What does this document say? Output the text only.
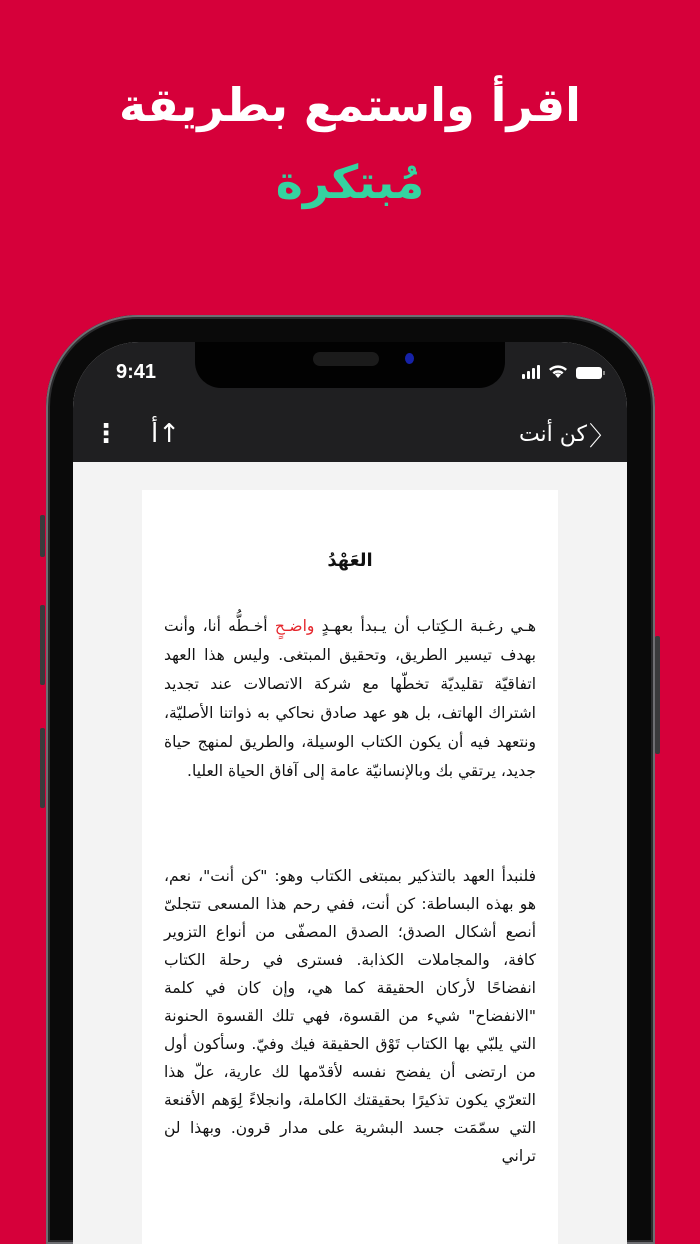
اقرأ واستمع بطريقة
مُبتكرة
9:41
⋮ أ↑	كن أنت 〉
العَهْدُ
هـي رغـبة الـكِتاب أن يـبدأ بعهـدٍ واضـحٍ أخـطُّه أنا، وأنت بهدف تيسير الطريق، وتحقيق المبتغى. وليس هذا العهد اتفاقيّة تقليديّة تخطّها مع شركة الاتصالات عند تجديد اشتراك الهاتف، بل هو عهد صادق نحاكي به ذواتنا الأصليّة، ونتعهد فيه أن يكون الكتاب الوسيلة، والطريق لمنهج حياة جديد، يرتقي بك وبالإنسانيّة عامة إلى آفاق الحياة العليا.
فلنبدأ العهد بالتذكير بمبتغى الكتاب وهو: "كن أنت"، نعم، هو بهذه البساطة: كن أنت، ففي رحم هذا المسعى تتجلىّ أنصع أشكال الصدق؛ الصدق المصفّى من أنواع التزوير كافة، والمجاملات الكذابة. فسترى في رحلة الكتاب انفضاحًا لأركان الحقيقة كما هي، وإن كان في كلمة "الانفضاح" شيء من القسوة، فهي تلك القسوة الحنونة التي يلبّي بها الكتاب تَوْق الحقيقة فيك وفيّ. وسأكون أول من ارتضى أن يفضح نفسه لأقدّمها لك عارية، علّ هذا التعرّي يكون تذكيرًا بحقيقتك الكاملة، وانجلاءً لِوَهم الأقنعة التي سمّمَت جسد البشرية على مدار قرون. وبهذا لن تراني
